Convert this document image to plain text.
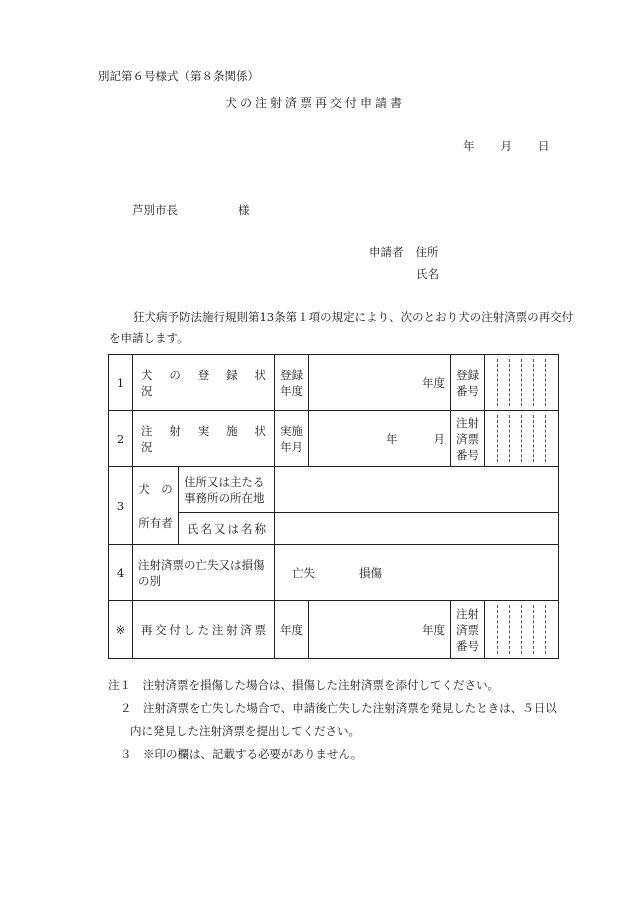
別記第６号様式（第８条関係）
犬の注射済票再交付申請書
年 月 日
芦別市長	様
申請者 住所
氏名
狂犬病予防法施行規則第13条第１項の規定により、次のとおり犬の注射済票の再交付を申請します。
1	犬　の　登　録　状　況		登録年度	年度	登録番号	

2	注　射　実　施　状　況		実施年月	年 月	注射済票番号	

3	犬　の
所有者	住所又は主たる事務所の所在地				
		氏名又は名称				
4	注射済票の亡失又は損傷の別		亡失 損傷			
※	再交付した注射済票		年度	年度	注射済票番号	
注１　注射済票を損傷した場合は、損傷した注射済票を添付してください。
２　注射済票を亡失した場合で、申請後亡失した注射済票を発見したときは、５日以
内に発見した注射済票を提出してください。
３　※印の欄は、記載する必要がありません。
